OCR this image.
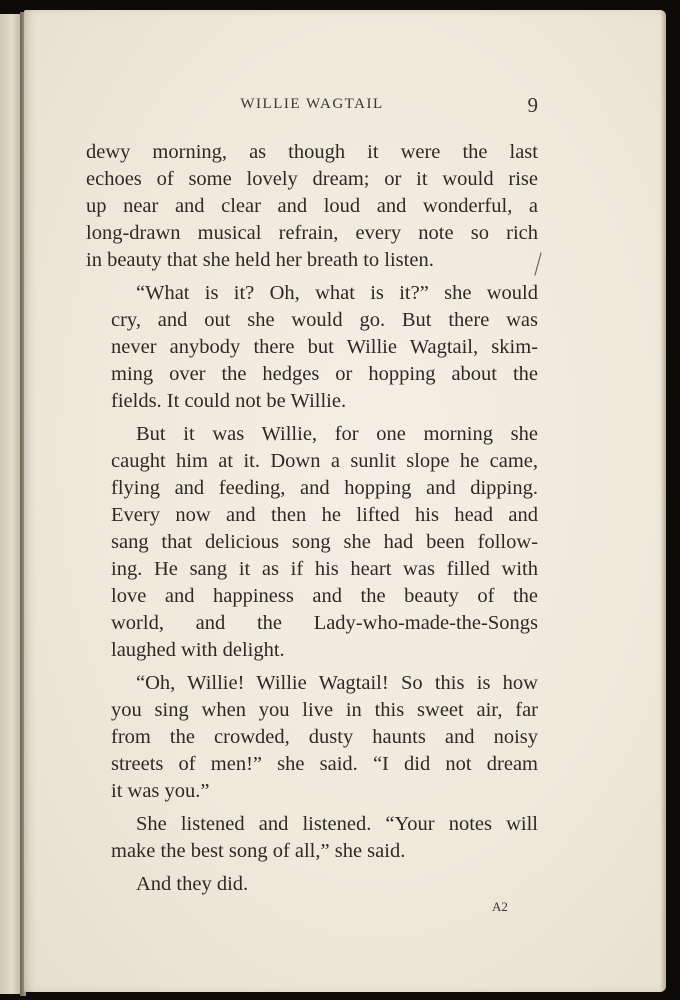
WILLIE WAGTAIL	9

dewy morning, as though it were the last
echoes of some lovely dream; or it would rise
up near and clear and loud and wonderful, a
long-drawn musical refrain, every note so rich
in beauty that she held her breath to listen.

“What is it? Oh, what is it?” she would
cry, and out she would go. But there was
never anybody there but Willie Wagtail, skim-
ming over the hedges or hopping about the
fields. It could not be Willie.

But it was Willie, for one morning she
caught him at it. Down a sunlit slope he came,
flying and feeding, and hopping and dipping.
Every now and then he lifted his head and
sang that delicious song she had been follow-
ing. He sang it as if his heart was filled with
love and happiness and the beauty of the
world, and the Lady-who-made-the-Songs
laughed with delight.

“Oh, Willie! Willie Wagtail! So this is how
you sing when you live in this sweet air, far
from the crowded, dusty haunts and noisy
streets of men!” she said. “I did not dream
it was you.”

She listened and listened. “Your notes will
make the best song of all,” she said.

And they did.

A2
